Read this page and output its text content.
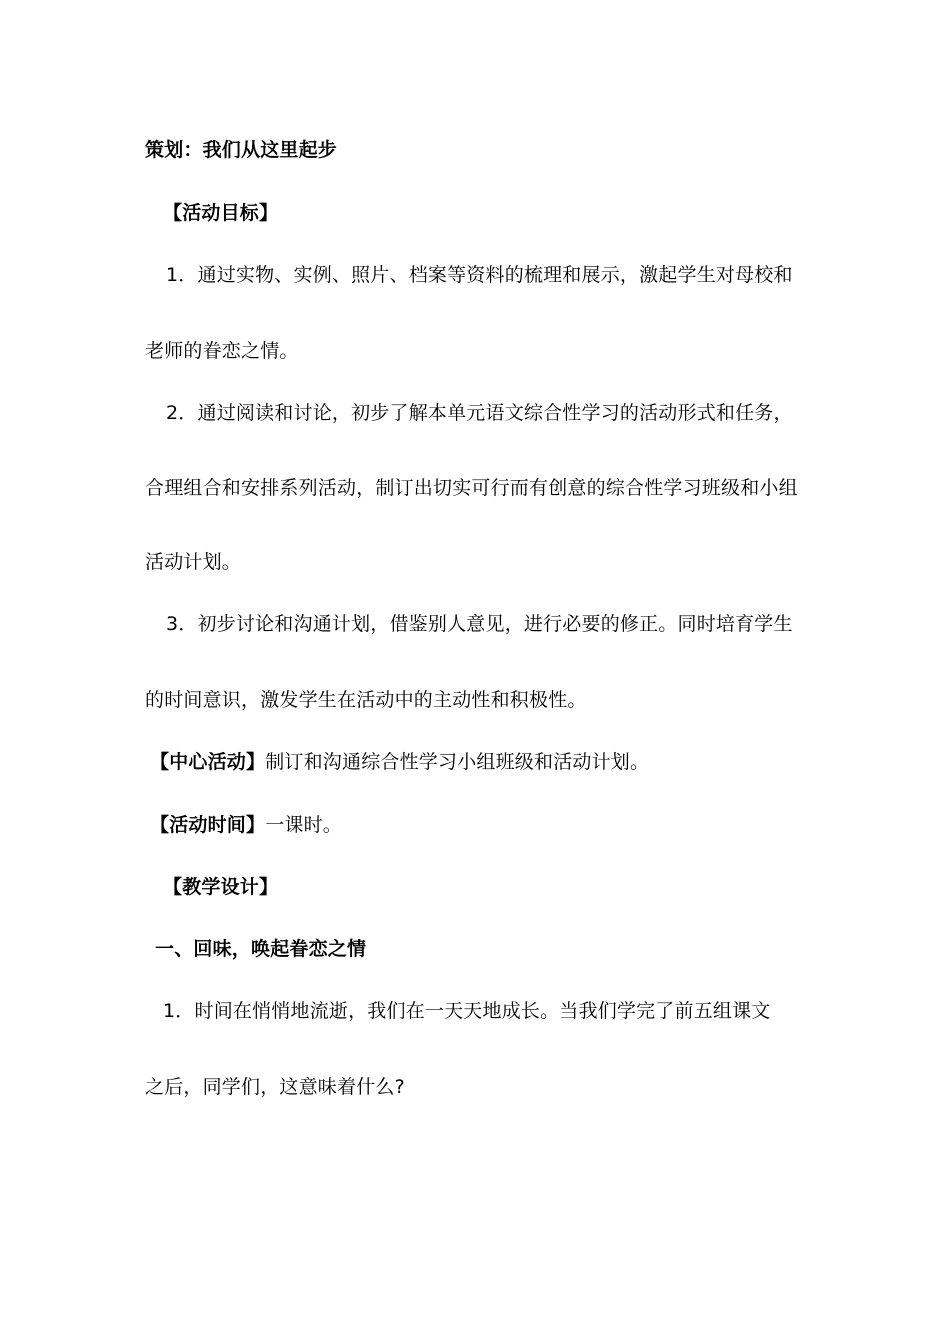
策划：我们从这里起步
【活动目标】
1．通过实物、实例、照片、档案等资料的梳理和展示，激起学生对母校和
老师的眷恋之情。
2．通过阅读和讨论，初步了解本单元语文综合性学习的活动形式和任务，
合理组合和安排系列活动，制订出切实可行而有创意的综合性学习班级和小组
活动计划。
3．初步讨论和沟通计划，借鉴别人意见，进行必要的修正。同时培育学生
的时间意识，激发学生在活动中的主动性和积极性。
【中心活动】制订和沟通综合性学习小组班级和活动计划。
【活动时间】一课时。
【教学设计】
一、回味，唤起眷恋之情
1．时间在悄悄地流逝，我们在一天天地成长。当我们学完了前五组课文
之后，同学们，这意味着什么?
